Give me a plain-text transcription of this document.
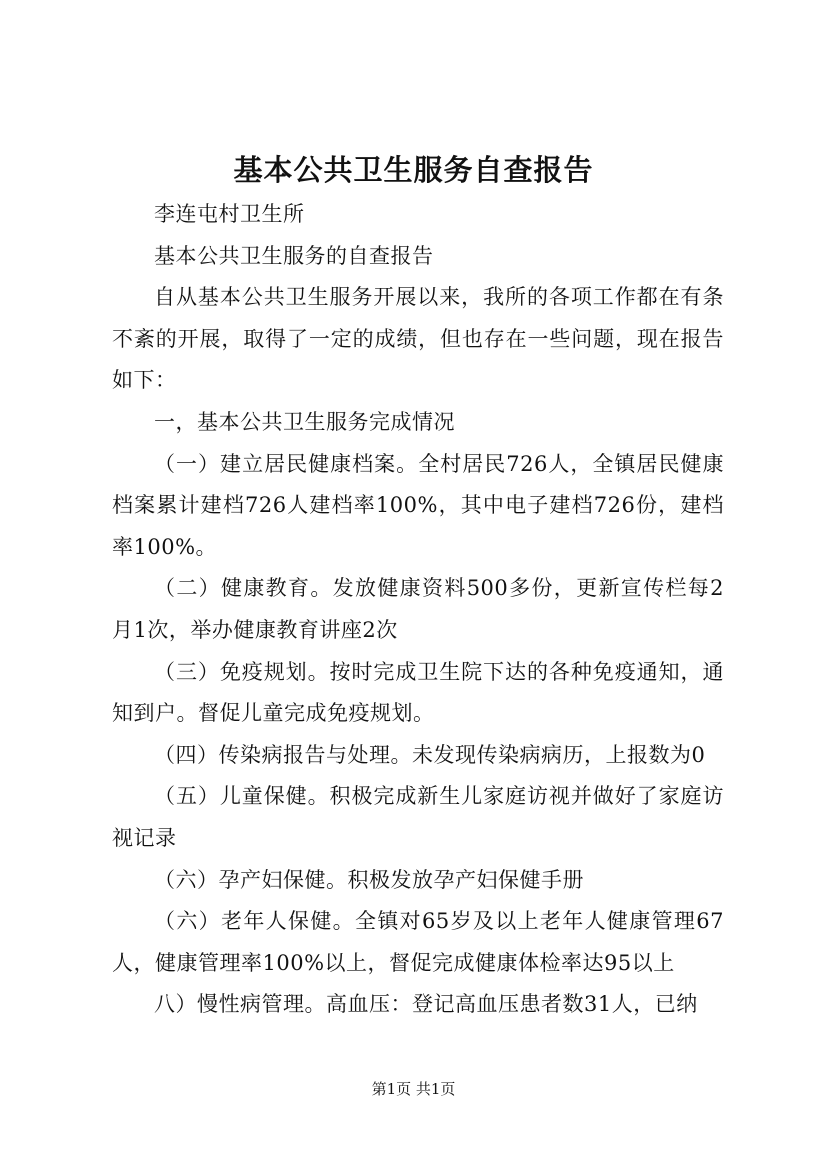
基本公共卫生服务自查报告

李连屯村卫生所

基本公共卫生服务的自查报告

自从基本公共卫生服务开展以来，我所的各项工作都在有条不紊的开展，取得了一定的成绩，但也存在一些问题，现在报告如下：

一，基本公共卫生服务完成情况

（一）建立居民健康档案。全村居民726人，全镇居民健康档案累计建档726人建档率100%，其中电子建档726份，建档率100%。

（二）健康教育。发放健康资料500多份，更新宣传栏每2月1次，举办健康教育讲座2次

（三）免疫规划。按时完成卫生院下达的各种免疫通知，通知到户。督促儿童完成免疫规划。

（四）传染病报告与处理。未发现传染病病历，上报数为0

（五）儿童保健。积极完成新生儿家庭访视并做好了家庭访视记录

（六）孕产妇保健。积极发放孕产妇保健手册

（六）老年人保健。全镇对65岁及以上老年人健康管理67人，健康管理率100%以上，督促完成健康体检率达95以上

八）慢性病管理。高血压：登记高血压患者数31人，已纳

第1页 共1页
